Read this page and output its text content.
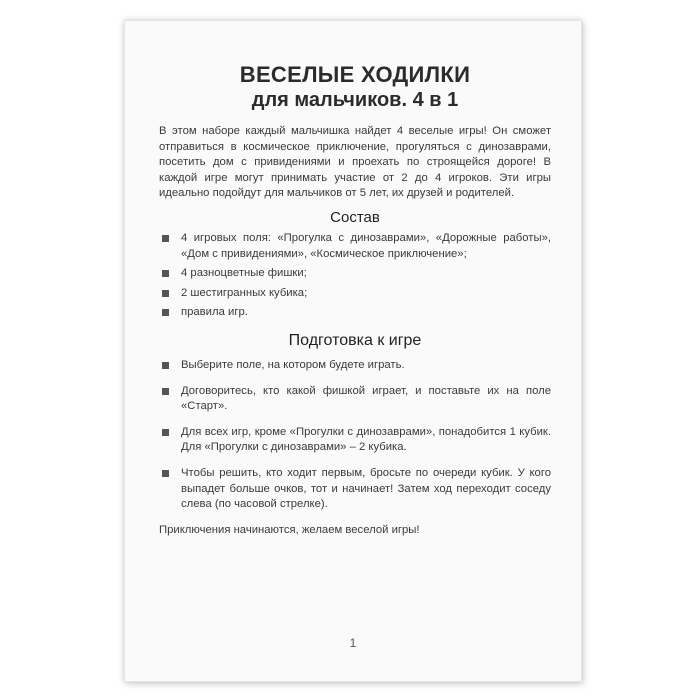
ВЕСЕЛЫЕ ХОДИЛКИ
для мальчиков. 4 в 1

В этом наборе каждый мальчишка найдет 4 веселые игры! Он сможет отправиться в космическое приключение, прогуляться с динозаврами, посетить дом с привидениями и проехать по строящейся дороге! В каждой игре могут принимать участие от 2 до 4 игроков. Эти игры идеально подойдут для мальчиков от 5 лет, их друзей и родителей.

Состав
4 игровых поля: «Прогулка с динозаврами», «Дорожные работы», «Дом с привидениями», «Космическое приключение»;
4 разноцветные фишки;
2 шестигранных кубика;
правила игр.
Подготовка к игре
Выберите поле, на котором будете играть.
Договоритесь, кто какой фишкой играет, и поставьте их на поле «Старт».
Для всех игр, кроме «Прогулки с динозаврами», понадобится 1 кубик. Для «Прогулки с динозаврами» – 2 кубика.
Чтобы решить, кто ходит первым, бросьте по очереди кубик. У кого выпадет больше очков, тот и начинает! Затем ход переходит соседу слева (по часовой стрелке).
Приключения начинаются, желаем веселой игры!
1
